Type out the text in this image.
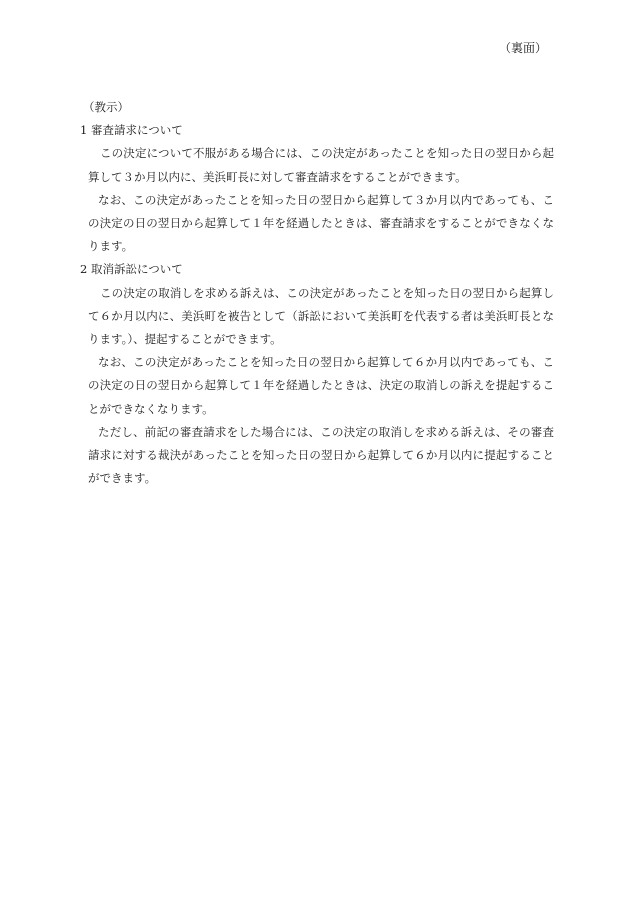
（裏面）

（教示）

1 審査請求について

この決定について不服がある場合には、この決定があったことを知った日の翌日から起算して３か月以内に、美浜町長に対して審査請求をすることができます。

なお、この決定があったことを知った日の翌日から起算して３か月以内であっても、この決定の日の翌日から起算して１年を経過したときは、審査請求をすることができなくなります。

2 取消訴訟について

この決定の取消しを求める訴えは、この決定があったことを知った日の翌日から起算して６か月以内に、美浜町を被告として（訴訟において美浜町を代表する者は美浜町長となります。）、提起することができます。

なお、この決定があったことを知った日の翌日から起算して６か月以内であっても、この決定の日の翌日から起算して１年を経過したときは、決定の取消しの訴えを提起することができなくなります。

ただし、前記の審査請求をした場合には、この決定の取消しを求める訴えは、その審査請求に対する裁決があったことを知った日の翌日から起算して６か月以内に提起することができます。
